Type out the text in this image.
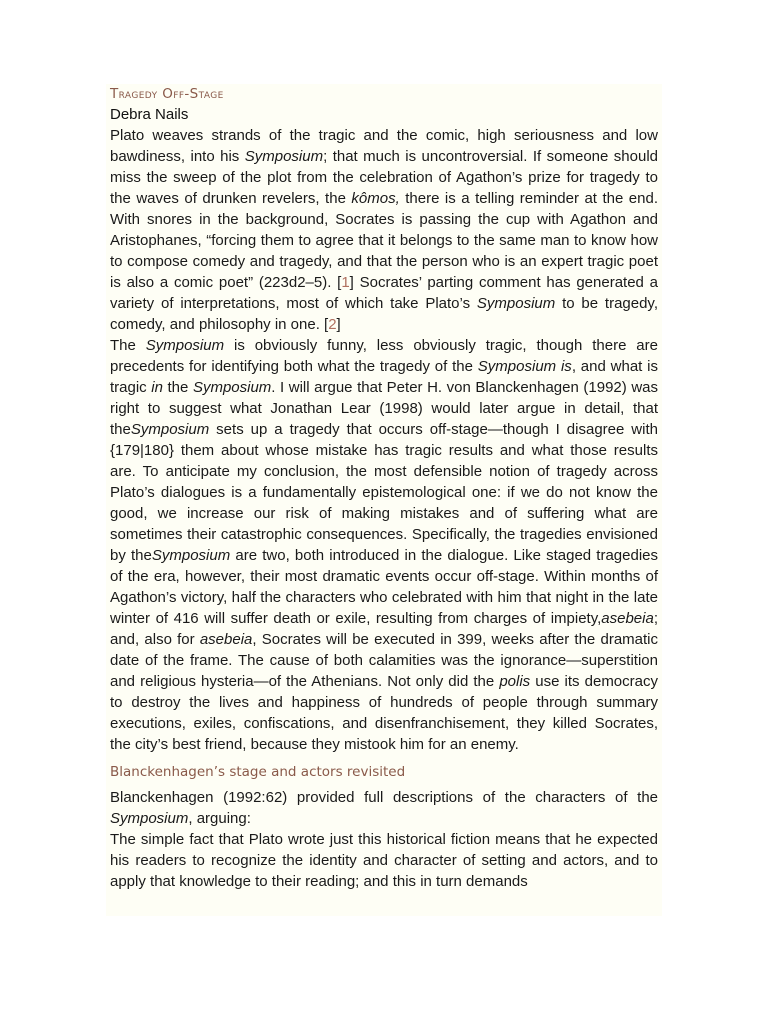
Tragedy Off-Stage
Debra Nails

Plato weaves strands of the tragic and the comic, high seriousness and low bawdiness, into his Symposium; that much is uncontroversial. If someone should miss the sweep of the plot from the celebration of Agathon’s prize for tragedy to the waves of drunken revelers, the kômos, there is a telling reminder at the end. With snores in the background, Socrates is passing the cup with Agathon and Aristophanes, “forcing them to agree that it belongs to the same man to know how to compose comedy and tragedy, and that the person who is an expert tragic poet is also a comic poet” (223d2–5). [1] Socrates’ parting comment has generated a variety of interpretations, most of which take Plato’s Symposium to be tragedy, comedy, and philosophy in one. [2]

The Symposium is obviously funny, less obviously tragic, though there are precedents for identifying both what the tragedy of the Symposium is, and what is tragic in the Symposium. I will argue that Peter H. von Blanckenhagen (1992) was right to suggest what Jonathan Lear (1998) would later argue in detail, that theSymposium sets up a tragedy that occurs off-stage—though I disagree with {179|180} them about whose mistake has tragic results and what those results are. To anticipate my conclusion, the most defensible notion of tragedy across Plato’s dialogues is a fundamentally epistemological one: if we do not know the good, we increase our risk of making mistakes and of suffering what are sometimes their catastrophic consequences. Specifically, the tragedies envisioned by theSymposium are two, both introduced in the dialogue. Like staged tragedies of the era, however, their most dramatic events occur off-stage. Within months of Agathon’s victory, half the characters who celebrated with him that night in the late winter of 416 will suffer death or exile, resulting from charges of impiety,asebeia; and, also for asebeia, Socrates will be executed in 399, weeks after the dramatic date of the frame. The cause of both calamities was the ignorance—superstition and religious hysteria—of the Athenians. Not only did the polis use its democracy to destroy the lives and happiness of hundreds of people through summary executions, exiles, confiscations, and disenfranchisement, they killed Socrates, the city’s best friend, because they mistook him for an enemy.

Blanckenhagen’s stage and actors revisited

Blanckenhagen (1992:62) provided full descriptions of the characters of the Symposium, arguing:

The simple fact that Plato wrote just this historical fiction means that he expected his readers to recognize the identity and character of setting and actors, and to apply that knowledge to their reading; and this in turn demands
